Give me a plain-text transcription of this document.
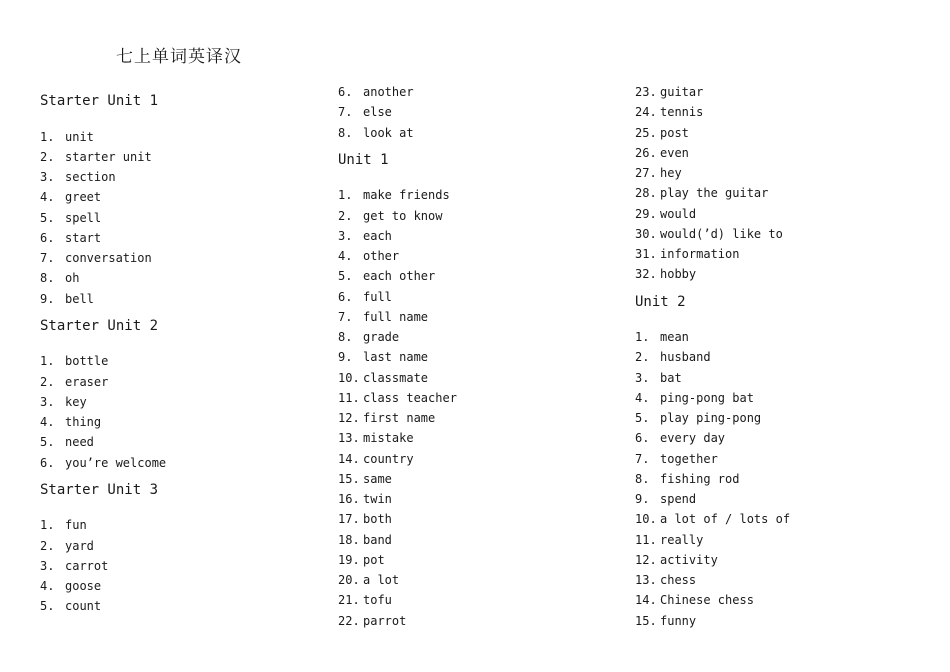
七上单词英译汉
Starter Unit 1
1. unit
2. starter unit
3. section
4. greet
5. spell
6. start
7. conversation
8. oh
9. bell
Starter Unit 2
1. bottle
2. eraser
3. key
4. thing
5. need
6. you’re welcome
Starter Unit 3
1. fun
2. yard
3. carrot
4. goose
5. count
6. another
7. else
8. look at
Unit 1
1. make friends
2. get to know
3. each
4. other
5. each other
6. full
7. full name
8. grade
9. last name
10. classmate
11. class teacher
12. first name
13. mistake
14. country
15. same
16. twin
17. both
18. band
19. pot
20. a lot
21. tofu
22. parrot
23. guitar
24. tennis
25. post
26. even
27. hey
28. play the guitar
29. would
30. would(’d) like to
31. information
32. hobby
Unit 2
1. mean
2. husband
3. bat
4. ping-pong bat
5. play ping-pong
6. every day
7. together
8. fishing rod
9. spend
10. a lot of / lots of
11. really
12. activity
13. chess
14. Chinese chess
15. funny
